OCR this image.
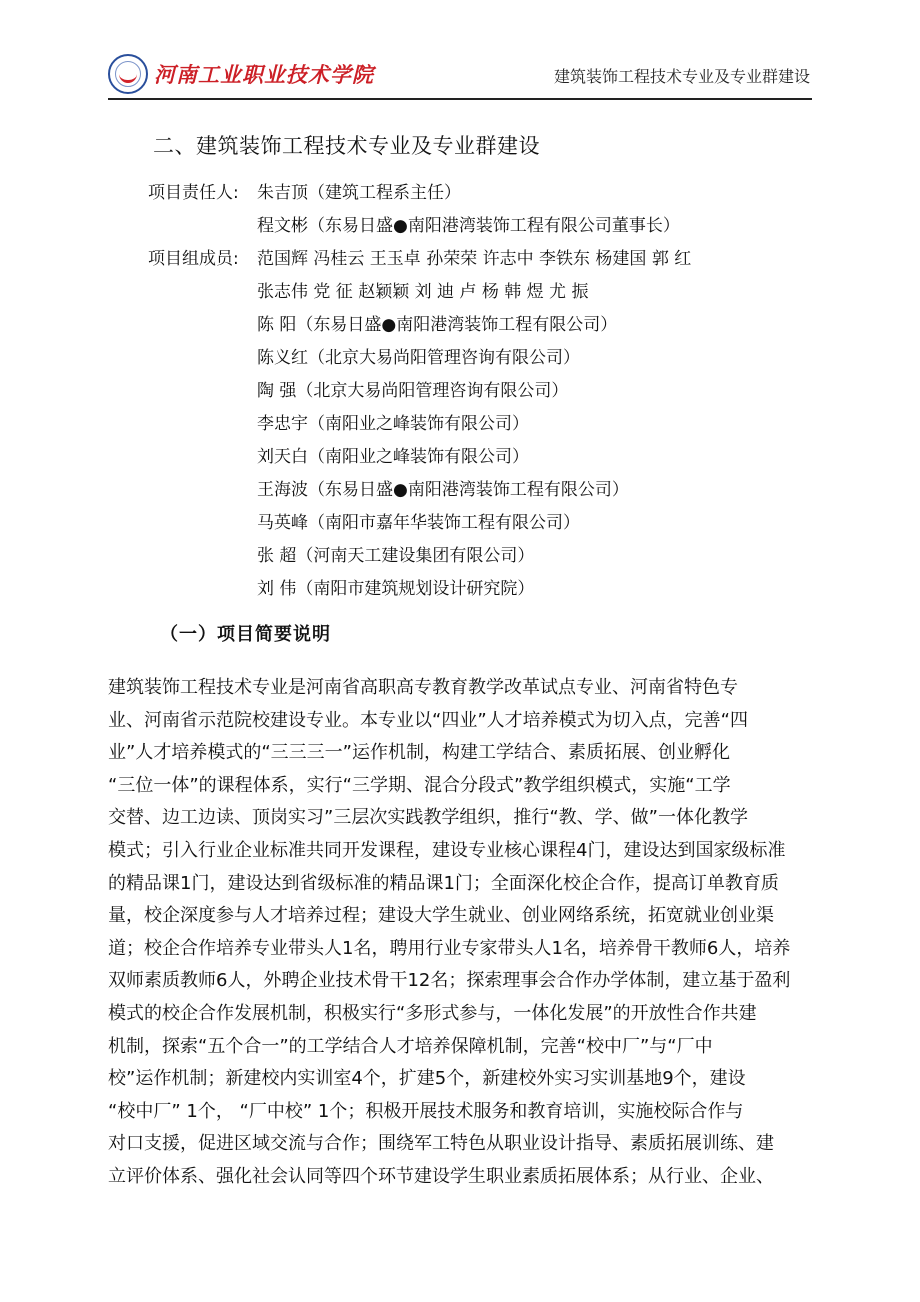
河南工业职业技术学院	建筑装饰工程技术专业及专业群建设
二、建筑装饰工程技术专业及专业群建设
项目责任人: 朱吉顶（建筑工程系主任）
程文彬（东易日盛●南阳港湾装饰工程有限公司董事长）
项目组成员: 范国辉 冯桂云 王玉卓 孙荣荣 许志中 李铁东 杨建国 郭 红
张志伟 党 征 赵颖颖 刘 迪 卢 杨 韩 煜 尤 振
陈 阳（东易日盛●南阳港湾装饰工程有限公司）
陈义红（北京大易尚阳管理咨询有限公司）
陶 强（北京大易尚阳管理咨询有限公司）
李忠宇（南阳业之峰装饰有限公司）
刘天白（南阳业之峰装饰有限公司）
王海波（东易日盛●南阳港湾装饰工程有限公司）
马英峰（南阳市嘉年华装饰工程有限公司）
张 超（河南天工建设集团有限公司）
刘 伟（南阳市建筑规划设计研究院）
（一）项目简要说明

建筑装饰工程技术专业是河南省高职高专教育教学改革试点专业、河南省特色专

业、河南省示范院校建设专业。本专业以“四业”人才培养模式为切入点，完善“四

业”人才培养模式的“三三三一”运作机制，构建工学结合、素质拓展、创业孵化

“三位一体”的课程体系，实行“三学期、混合分段式”教学组织模式，实施“工学

交替、边工边读、顶岗实习”三层次实践教学组织，推行“教、学、做”一体化教学

模式；引入行业企业标准共同开发课程，建设专业核心课程4门，建设达到国家级标准

的精品课1门，建设达到省级标准的精品课1门；全面深化校企合作，提高订单教育质

量，校企深度参与人才培养过程；建设大学生就业、创业网络系统，拓宽就业创业渠

道；校企合作培养专业带头人1名，聘用行业专家带头人1名，培养骨干教师6人，培养

双师素质教师6人，外聘企业技术骨干12名；探索理事会合作办学体制，建立基于盈利

模式的校企合作发展机制，积极实行“多形式参与，一体化发展”的开放性合作共建

机制，探索“五个合一”的工学结合人才培养保障机制，完善“校中厂”与“厂中

校”运作机制；新建校内实训室4个，扩建5个，新建校外实习实训基地9个，建设

“校中厂” 1个， “厂中校” 1个；积极开展技术服务和教育培训，实施校际合作与

对口支援，促进区域交流与合作；围绕军工特色从职业设计指导、素质拓展训练、建

立评价体系、强化社会认同等四个环节建设学生职业素质拓展体系；从行业、企业、
